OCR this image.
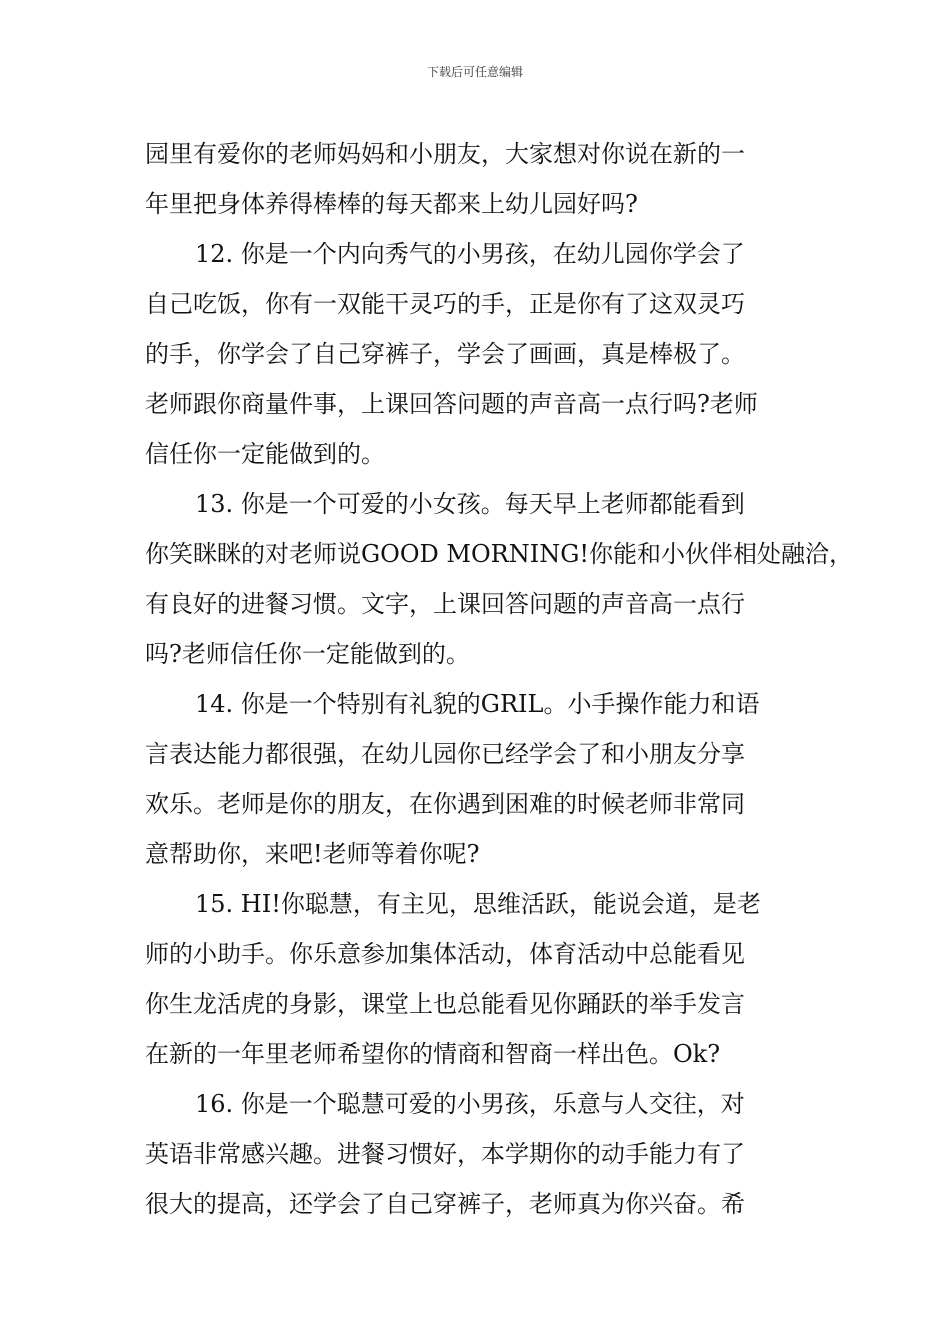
下载后可任意编辑
园里有爱你的老师妈妈和小朋友，大家想对你说在新的一
年里把身体养得棒棒的每天都来上幼儿园好吗?
12. 你是一个内向秀气的小男孩，在幼儿园你学会了
自己吃饭，你有一双能干灵巧的手，正是你有了这双灵巧
的手，你学会了自己穿裤子，学会了画画，真是棒极了。
老师跟你商量件事，上课回答问题的声音高一点行吗?老师
信任你一定能做到的。
13. 你是一个可爱的小女孩。每天早上老师都能看到
你笑眯眯的对老师说GOOD MORNING!你能和小伙伴相处融洽，
有良好的进餐习惯。文字，上课回答问题的声音高一点行
吗?老师信任你一定能做到的。
14. 你是一个特别有礼貌的GRIL。小手操作能力和语
言表达能力都很强，在幼儿园你已经学会了和小朋友分享
欢乐。老师是你的朋友，在你遇到困难的时候老师非常同
意帮助你，来吧!老师等着你呢?
15. HI!你聪慧，有主见，思维活跃，能说会道，是老
师的小助手。你乐意参加集体活动，体育活动中总能看见
你生龙活虎的身影，课堂上也总能看见你踊跃的举手发言
在新的一年里老师希望你的情商和智商一样出色。Ok?
16. 你是一个聪慧可爱的小男孩，乐意与人交往，对
英语非常感兴趣。进餐习惯好，本学期你的动手能力有了
很大的提高，还学会了自己穿裤子，老师真为你兴奋。希
